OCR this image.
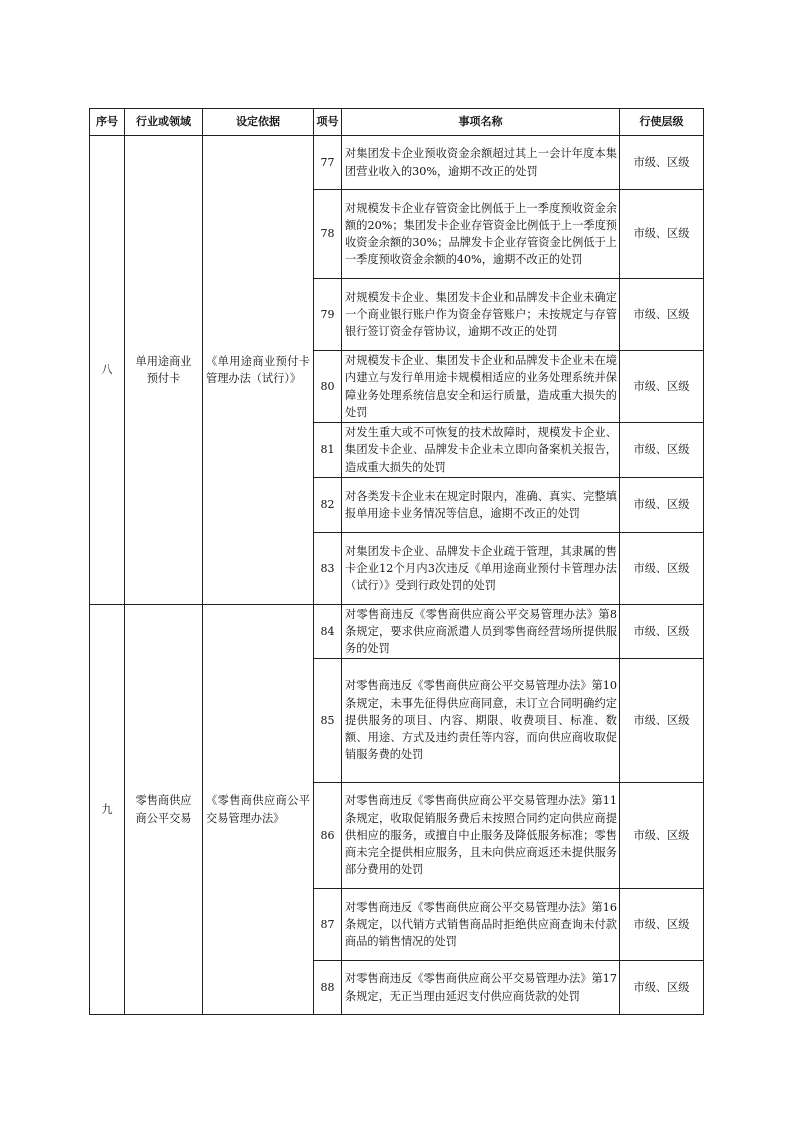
序号	行业或领域	设定依据	项号	事项名称	行使层级
八	单用途商业预付卡	《单用途商业预付卡管理办法（试行）》	77	对集团发卡企业预收资金余额超过其上一会计年度本集团营业收入的30%，逾期不改正的处罚	市级、区级
			78	对规模发卡企业存管资金比例低于上一季度预收资金余额的20%；集团发卡企业存管资金比例低于上一季度预收资金余额的30%；品牌发卡企业存管资金比例低于上一季度预收资金余额的40%，逾期不改正的处罚	市级、区级
			79	对规模发卡企业、集团发卡企业和品牌发卡企业未确定一个商业银行账户作为资金存管账户；未按规定与存管银行签订资金存管协议，逾期不改正的处罚	市级、区级
			80	对规模发卡企业、集团发卡企业和品牌发卡企业未在境内建立与发行单用途卡规模相适应的业务处理系统并保障业务处理系统信息安全和运行质量，造成重大损失的处罚	市级、区级
			81	对发生重大或不可恢复的技术故障时，规模发卡企业、集团发卡企业、品牌发卡企业未立即向备案机关报告，造成重大损失的处罚	市级、区级
			82	对各类发卡企业未在规定时限内，准确、真实、完整填报单用途卡业务情况等信息，逾期不改正的处罚	市级、区级
			83	对集团发卡企业、品牌发卡企业疏于管理，其隶属的售卡企业12个月内3次违反《单用途商业预付卡管理办法（试行）》受到行政处罚的处罚	市级、区级
九	零售商供应商公平交易	《零售商供应商公平交易管理办法》	84	对零售商违反《零售商供应商公平交易管理办法》第8条规定，要求供应商派遣人员到零售商经营场所提供服务的处罚	市级、区级
			85	对零售商违反《零售商供应商公平交易管理办法》第10条规定，未事先征得供应商同意，未订立合同明确约定提供服务的项目、内容、期限、收费项目、标准、数额、用途、方式及违约责任等内容，而向供应商收取促销服务费的处罚	市级、区级
			86	对零售商违反《零售商供应商公平交易管理办法》第11条规定，收取促销服务费后未按照合同约定向供应商提供相应的服务，或擅自中止服务及降低服务标准；零售商未完全提供相应服务，且未向供应商返还未提供服务部分费用的处罚	市级、区级
			87	对零售商违反《零售商供应商公平交易管理办法》第16条规定，以代销方式销售商品时拒绝供应商查询未付款商品的销售情况的处罚	市级、区级
			88	对零售商违反《零售商供应商公平交易管理办法》第17条规定，无正当理由延迟支付供应商货款的处罚	市级、区级
